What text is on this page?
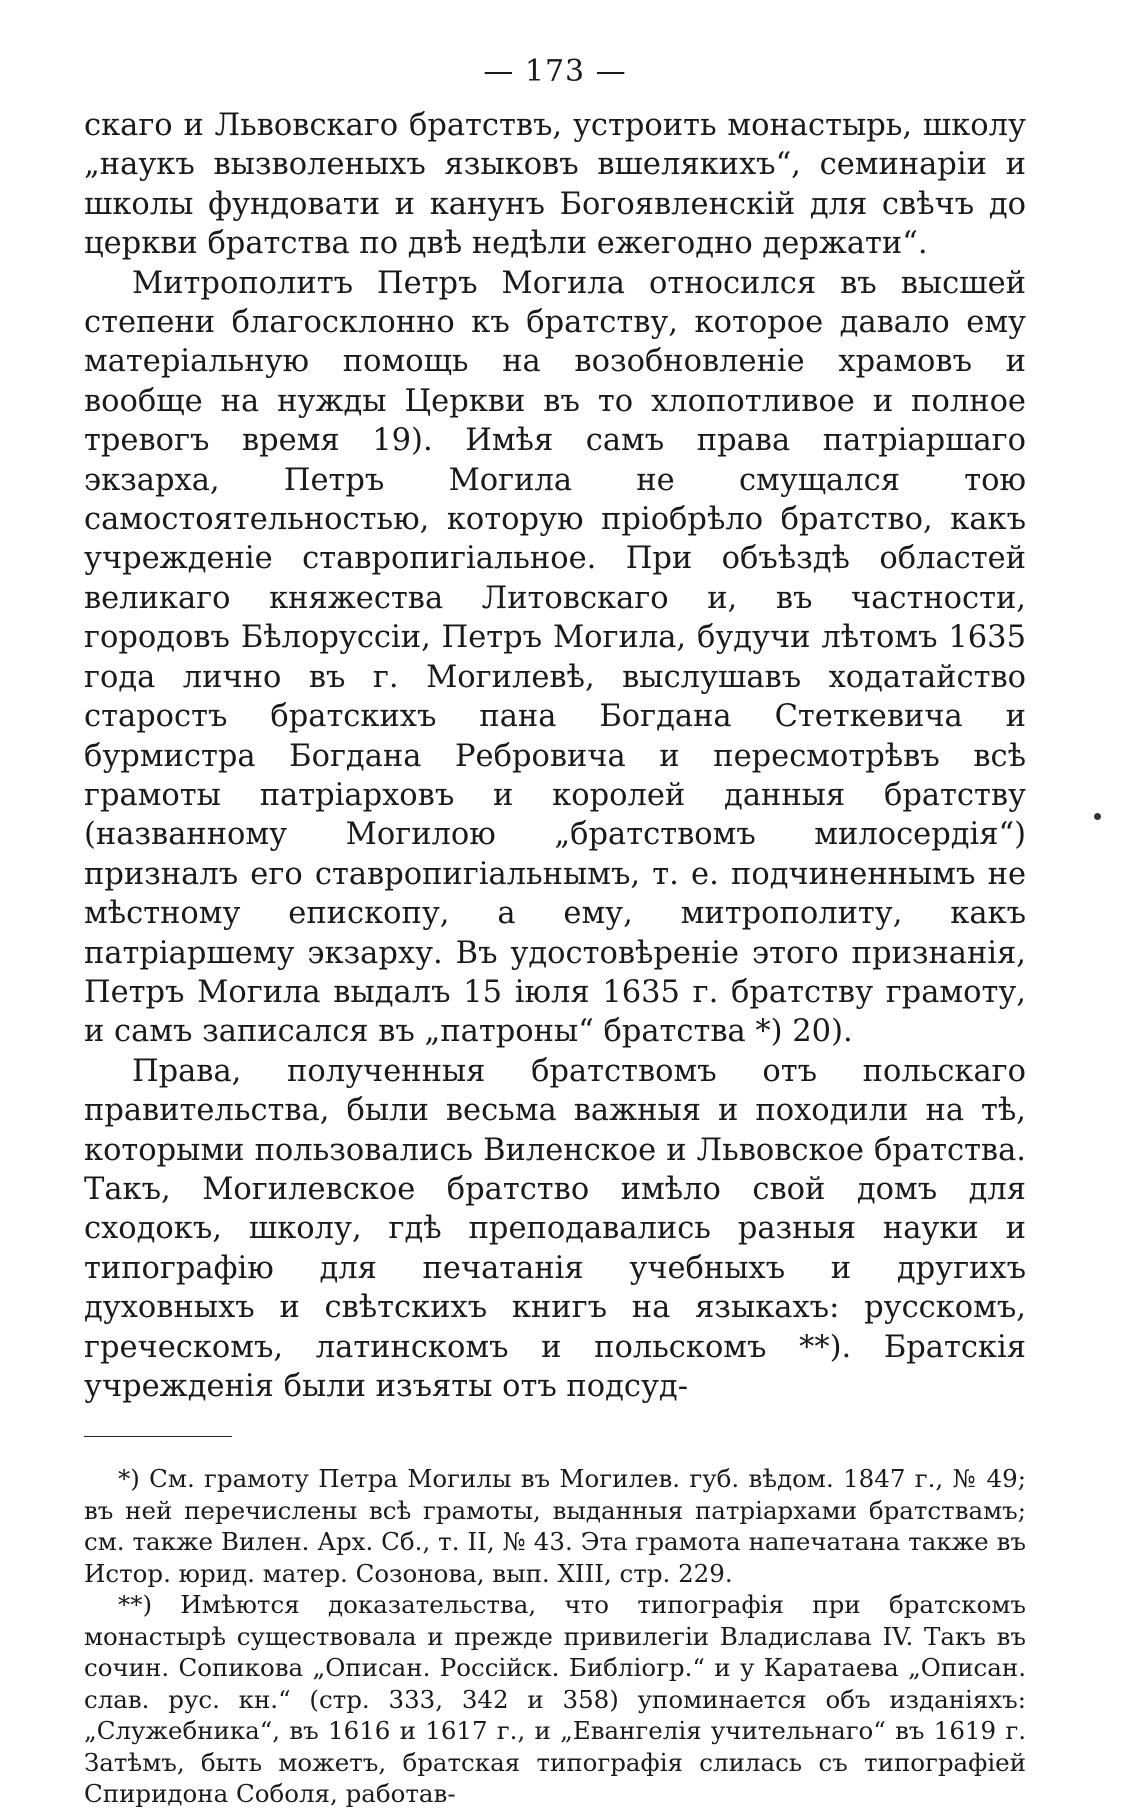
— 173 —

скаго и Львовскаго братствъ, устроить монастырь, школу „наукъ вызволеныхъ языковъ вшелякихъ“, семинаріи и школы фундовати и канунъ Богоявленскій для свѣчъ до церкви братства по двѣ недѣли ежегодно держати“.

Митрополитъ Петръ Могила относился въ высшей степени благосклонно къ братству, которое давало ему матеріальную помощь на возобновленіе храмовъ и вообще на нужды Церкви въ то хлопотливое и полное тревогъ время 19). Имѣя самъ права патріаршаго экзарха, Петръ Могила не смущался тою самостоятельностью, которую пріобрѣло братство, какъ учрежденіе ставропигіальное. При объѣздѣ областей великаго княжества Литовскаго и, въ частности, городовъ Бѣлоруссіи, Петръ Могила, будучи лѣтомъ 1635 года лично въ г. Могилевѣ, выслушавъ ходатайство старостъ братскихъ пана Богдана Стеткевича и бурмистра Богдана Ребровича и пересмотрѣвъ всѣ грамоты патріарховъ и королей данныя братству (названному Могилою „братствомъ милосердія“) призналъ его ставропигіальнымъ, т. е. подчиненнымъ не мѣстному епископу, а ему, митрополиту, какъ патріаршему экзарху. Въ удостовѣреніе этого признанія, Петръ Могила выдалъ 15 іюля 1635 г. братству грамоту, и самъ записался въ „патроны“ братства *) 20).

Права, полученныя братствомъ отъ польскаго правительства, были весьма важныя и походили на тѣ, которыми пользовались Виленское и Львовское братства. Такъ, Могилевское братство имѣло свой домъ для сходокъ, школу, гдѣ преподавались разныя науки и типографію для печатанія учебныхъ и другихъ духовныхъ и свѣтскихъ книгъ на языкахъ: русскомъ, греческомъ, латинскомъ и польскомъ **). Братскія учрежденія были изъяты отъ подсуд-

*) См. грамоту Петра Могилы въ Могилев. губ. вѣдом. 1847 г., № 49; въ ней перечислены всѣ грамоты, выданныя патріархами братствамъ; см. также Вилен. Арх. Сб., т. II, № 43. Эта грамота напечатана также въ Истор. юрид. матер. Созонова, вып. XIII, стр. 229.

**) Имѣются доказательства, что типографія при братскомъ монастырѣ существовала и прежде привилегіи Владислава IV. Такъ въ сочин. Сопикова „Описан. Россійск. Библіогр.“ и у Каратаева „Описан. слав. рус. кн.“ (стр. 333, 342 и 358) упоминается объ изданіяхъ: „Служебника“, въ 1616 и 1617 г., и „Евангелія учительнаго“ въ 1619 г. Затѣмъ, быть можетъ, братская типографія слилась съ типографіей Спиридона Соболя, работав-
